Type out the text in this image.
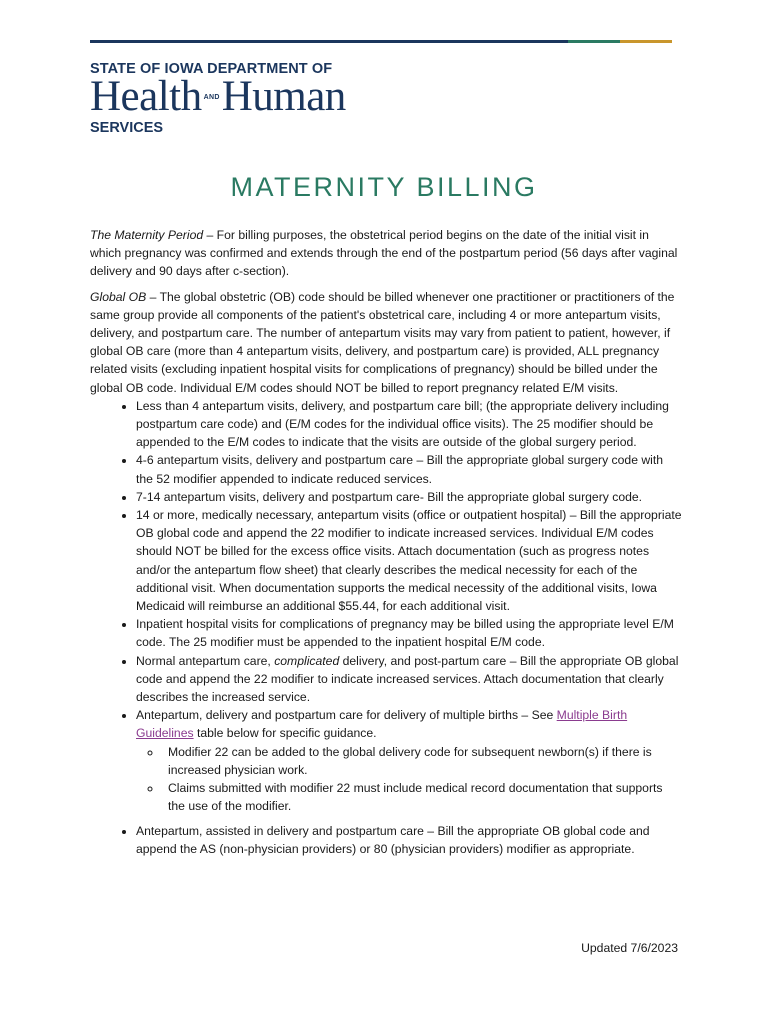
STATE OF IOWA DEPARTMENT OF
Health $^{AND}$Human
SERVICES
MATERNITY BILLING

The Maternity Period – For billing purposes, the obstetrical period begins on the date of the initial visit in which pregnancy was confirmed and extends through the end of the postpartum period (56 days after vaginal delivery and 90 days after c-section).

Global OB – The global obstetric (OB) code should be billed whenever one practitioner or practitioners of the same group provide all components of the patient's obstetrical care, including 4 or more antepartum visits, delivery, and postpartum care. The number of antepartum visits may vary from patient to patient, however, if global OB care (more than 4 antepartum visits, delivery, and postpartum care) is provided, ALL pregnancy related visits (excluding inpatient hospital visits for complications of pregnancy) should be billed under the global OB code. Individual E/M codes should NOT be billed to report pregnancy related E/M visits.

• Less than 4 antepartum visits, delivery, and postpartum care bill; (the appropriate delivery including postpartum care code) and (E/M codes for the individual office visits). The 25 modifier should be appended to the E/M codes to indicate that the visits are outside of the global surgery period.
• 4-6 antepartum visits, delivery and postpartum care – Bill the appropriate global surgery code with the 52 modifier appended to indicate reduced services.
• 7-14 antepartum visits, delivery and postpartum care- Bill the appropriate global surgery code.
• 14 or more, medically necessary, antepartum visits (office or outpatient hospital) – Bill the appropriate OB global code and append the 22 modifier to indicate increased services. Individual E/M codes should NOT be billed for the excess office visits. Attach documentation (such as progress notes and/or the antepartum flow sheet) that clearly describes the medical necessity for each of the additional visit. When documentation supports the medical necessity of the additional visits, Iowa Medicaid will reimburse an additional $55.44, for each additional visit.
• Inpatient hospital visits for complications of pregnancy may be billed using the appropriate level E/M code. The 25 modifier must be appended to the inpatient hospital E/M code.
• Normal antepartum care, complicated delivery, and post-partum care – Bill the appropriate OB global code and append the 22 modifier to indicate increased services. Attach documentation that clearly describes the increased service.
• Antepartum, delivery and postpartum care for delivery of multiple births – See Multiple Birth Guidelines table below for specific guidance.
◦ Modifier 22 can be added to the global delivery code for subsequent newborn(s) if there is increased physician work.
◦ Claims submitted with modifier 22 must include medical record documentation that supports the use of the modifier.
• Antepartum, assisted in delivery and postpartum care – Bill the appropriate OB global code and append the AS (non-physician providers) or 80 (physician providers) modifier as appropriate.
Updated 7/6/2023
